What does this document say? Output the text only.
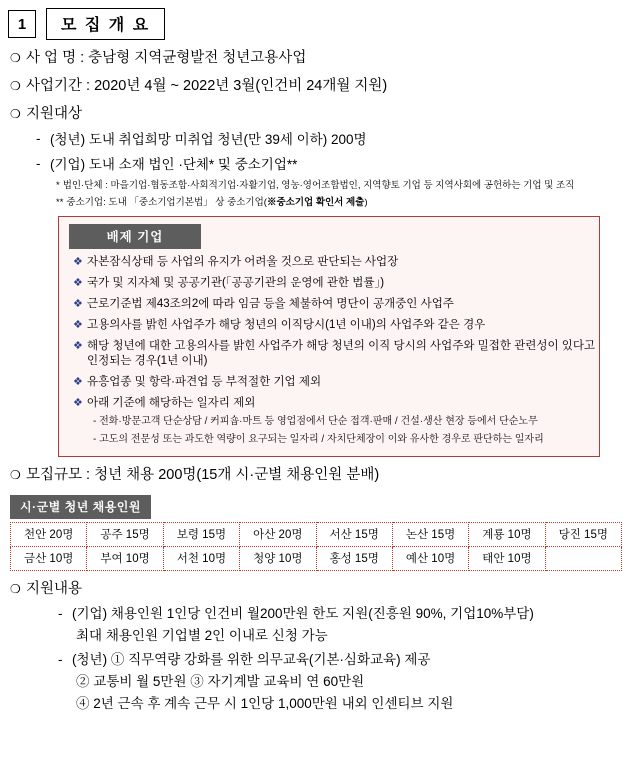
1	모 집 개 요
❍ 사 업 명 : 충남형 지역균형발전 청년고용사업
❍ 사업기간 : 2020년 4월 ~ 2022년 3월(인건비 24개월 지원)
❍ 지원대상
- (청년) 도내 취업희망 미취업 청년(만 39세 이하) 200명
- (기업) 도내 소재 법인 ·단체* 및 중소기업**
* 법인·단체 : 마을기업·협동조합·사회적기업·자활기업, 영농·영어조합법인, 지역향토 기업 등 지역사회에 공헌하는 기업 및 조직
** 중소기업: 도내 「중소기업기본법」 상 중소기업(※중소기업 확인서 제출)
배제 기업
❖ 자본잠식상태 등 사업의 유지가 어려울 것으로 판단되는 사업장
❖ 국가 및 지자체 및 공공기관(「공공기관의 운영에 관한 법률」)
❖ 근로기준법 제43조의2에 따라 임금 등을 체불하여 명단이 공개중인 사업주
❖ 고용의사를 밝힌 사업주가 해당 청년의 이직당시(1년 이내)의 사업주와 같은 경우
❖ 해당 청년에 대한 고용의사를 밝힌 사업주가 해당 청년의 이직 당시의 사업주와 밀접한 관련성이 있다고 인정되는 경우(1년 이내)
❖ 유흥업종 및 항락·파견업 등 부적절한 기업 제외
❖ 아래 기준에 해당하는 일자리 제외
- 전화·방문고객 단순상담 / 커피숍·마트 등 영업점에서 단순 접객·판매 / 건설·생산 현장 등에서 단순노무
- 고도의 전문성 또는 과도한 역량이 요구되는 일자리 / 자치단체장이 이와 유사한 경우로 판단하는 일자리
❍ 모집규모 : 청년 채용 200명(15개 시·군별 채용인원 분배)
시·군별 청년 채용인원
천안 20명	공주 15명	보령 15명	아산 20명	서산 15명	논산 15명	계룡 10명	당진 15명
금산 10명	부여 10명	서천 10명	청양 10명	홍성 15명	예산 10명	태안 10명	
❍ 지원내용
- (기업) 채용인원 1인당 인건비 월200만원 한도 지원(진흥원 90%, 기업10%부담)
최대 채용인원 기업별 2인 이내로 신청 가능
- (청년) ① 직무역량 강화를 위한 의무교육(기본·심화교육) 제공
② 교통비 월 5만원 ③ 자기계발 교육비 연 60만원
④ 2년 근속 후 계속 근무 시 1인당 1,000만원 내외 인센티브 지원
